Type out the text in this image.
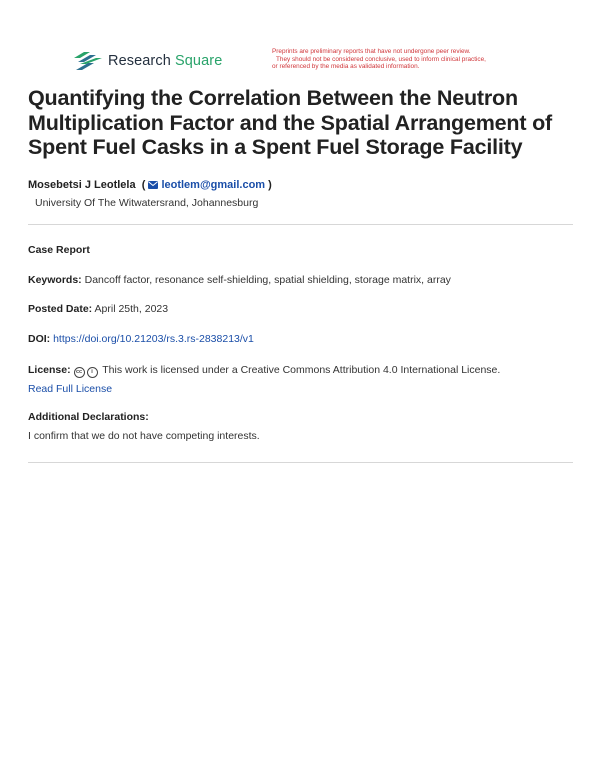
Research Square
Preprints are preliminary reports that have not undergone peer review.
They should not be considered conclusive, used to inform clinical practice,
or referenced by the media as validated information.
Quantifying the Correlation Between the Neutron Multiplication Factor and the Spatial Arrangement of Spent Fuel Casks in a Spent Fuel Storage Facility
Mosebetsi J Leotlela  ( leotlem@gmail.com )
University Of The Witwatersrand, Johannesburg
Case Report
Keywords: Dancoff factor, resonance self-shielding, spatial shielding, storage matrix, array
Posted Date: April 25th, 2023
DOI: https://doi.org/10.21203/rs.3.rs-2838213/v1
License: cc i This work is licensed under a Creative Commons Attribution 4.0 International License.
Read Full License
Additional Declarations:
I confirm that we do not have competing interests.
